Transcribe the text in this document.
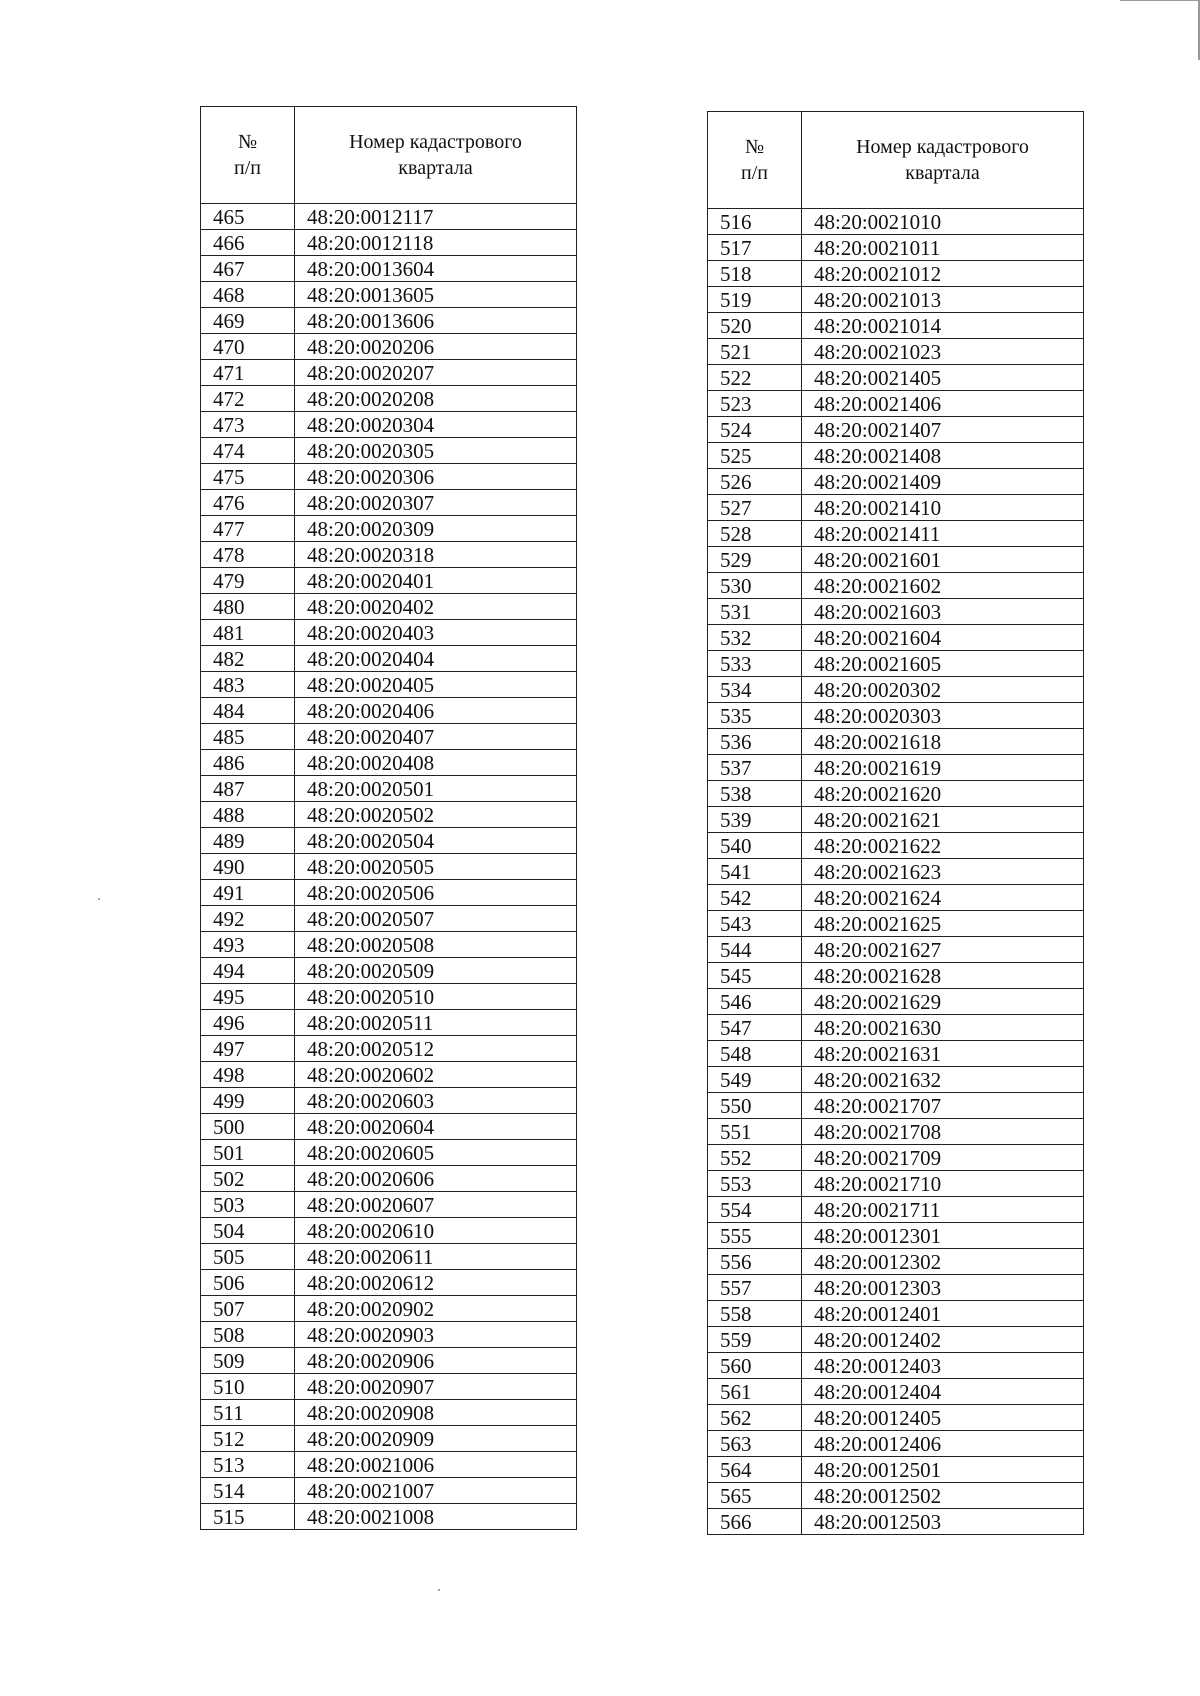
№
п/п	Номер кадастрового
квартала
465	48:20:0012117
466	48:20:0012118
467	48:20:0013604
468	48:20:0013605
469	48:20:0013606
470	48:20:0020206
471	48:20:0020207
472	48:20:0020208
473	48:20:0020304
474	48:20:0020305
475	48:20:0020306
476	48:20:0020307
477	48:20:0020309
478	48:20:0020318
479	48:20:0020401
480	48:20:0020402
481	48:20:0020403
482	48:20:0020404
483	48:20:0020405
484	48:20:0020406
485	48:20:0020407
486	48:20:0020408
487	48:20:0020501
488	48:20:0020502
489	48:20:0020504
490	48:20:0020505
491	48:20:0020506
492	48:20:0020507
493	48:20:0020508
494	48:20:0020509
495	48:20:0020510
496	48:20:0020511
497	48:20:0020512
498	48:20:0020602
499	48:20:0020603
500	48:20:0020604
501	48:20:0020605
502	48:20:0020606
503	48:20:0020607
504	48:20:0020610
505	48:20:0020611
506	48:20:0020612
507	48:20:0020902
508	48:20:0020903
509	48:20:0020906
510	48:20:0020907
511	48:20:0020908
512	48:20:0020909
513	48:20:0021006
514	48:20:0021007
515	48:20:0021008
№
п/п	Номер кадастрового
квартала
516	48:20:0021010
517	48:20:0021011
518	48:20:0021012
519	48:20:0021013
520	48:20:0021014
521	48:20:0021023
522	48:20:0021405
523	48:20:0021406
524	48:20:0021407
525	48:20:0021408
526	48:20:0021409
527	48:20:0021410
528	48:20:0021411
529	48:20:0021601
530	48:20:0021602
531	48:20:0021603
532	48:20:0021604
533	48:20:0021605
534	48:20:0020302
535	48:20:0020303
536	48:20:0021618
537	48:20:0021619
538	48:20:0021620
539	48:20:0021621
540	48:20:0021622
541	48:20:0021623
542	48:20:0021624
543	48:20:0021625
544	48:20:0021627
545	48:20:0021628
546	48:20:0021629
547	48:20:0021630
548	48:20:0021631
549	48:20:0021632
550	48:20:0021707
551	48:20:0021708
552	48:20:0021709
553	48:20:0021710
554	48:20:0021711
555	48:20:0012301
556	48:20:0012302
557	48:20:0012303
558	48:20:0012401
559	48:20:0012402
560	48:20:0012403
561	48:20:0012404
562	48:20:0012405
563	48:20:0012406
564	48:20:0012501
565	48:20:0012502
566	48:20:0012503
